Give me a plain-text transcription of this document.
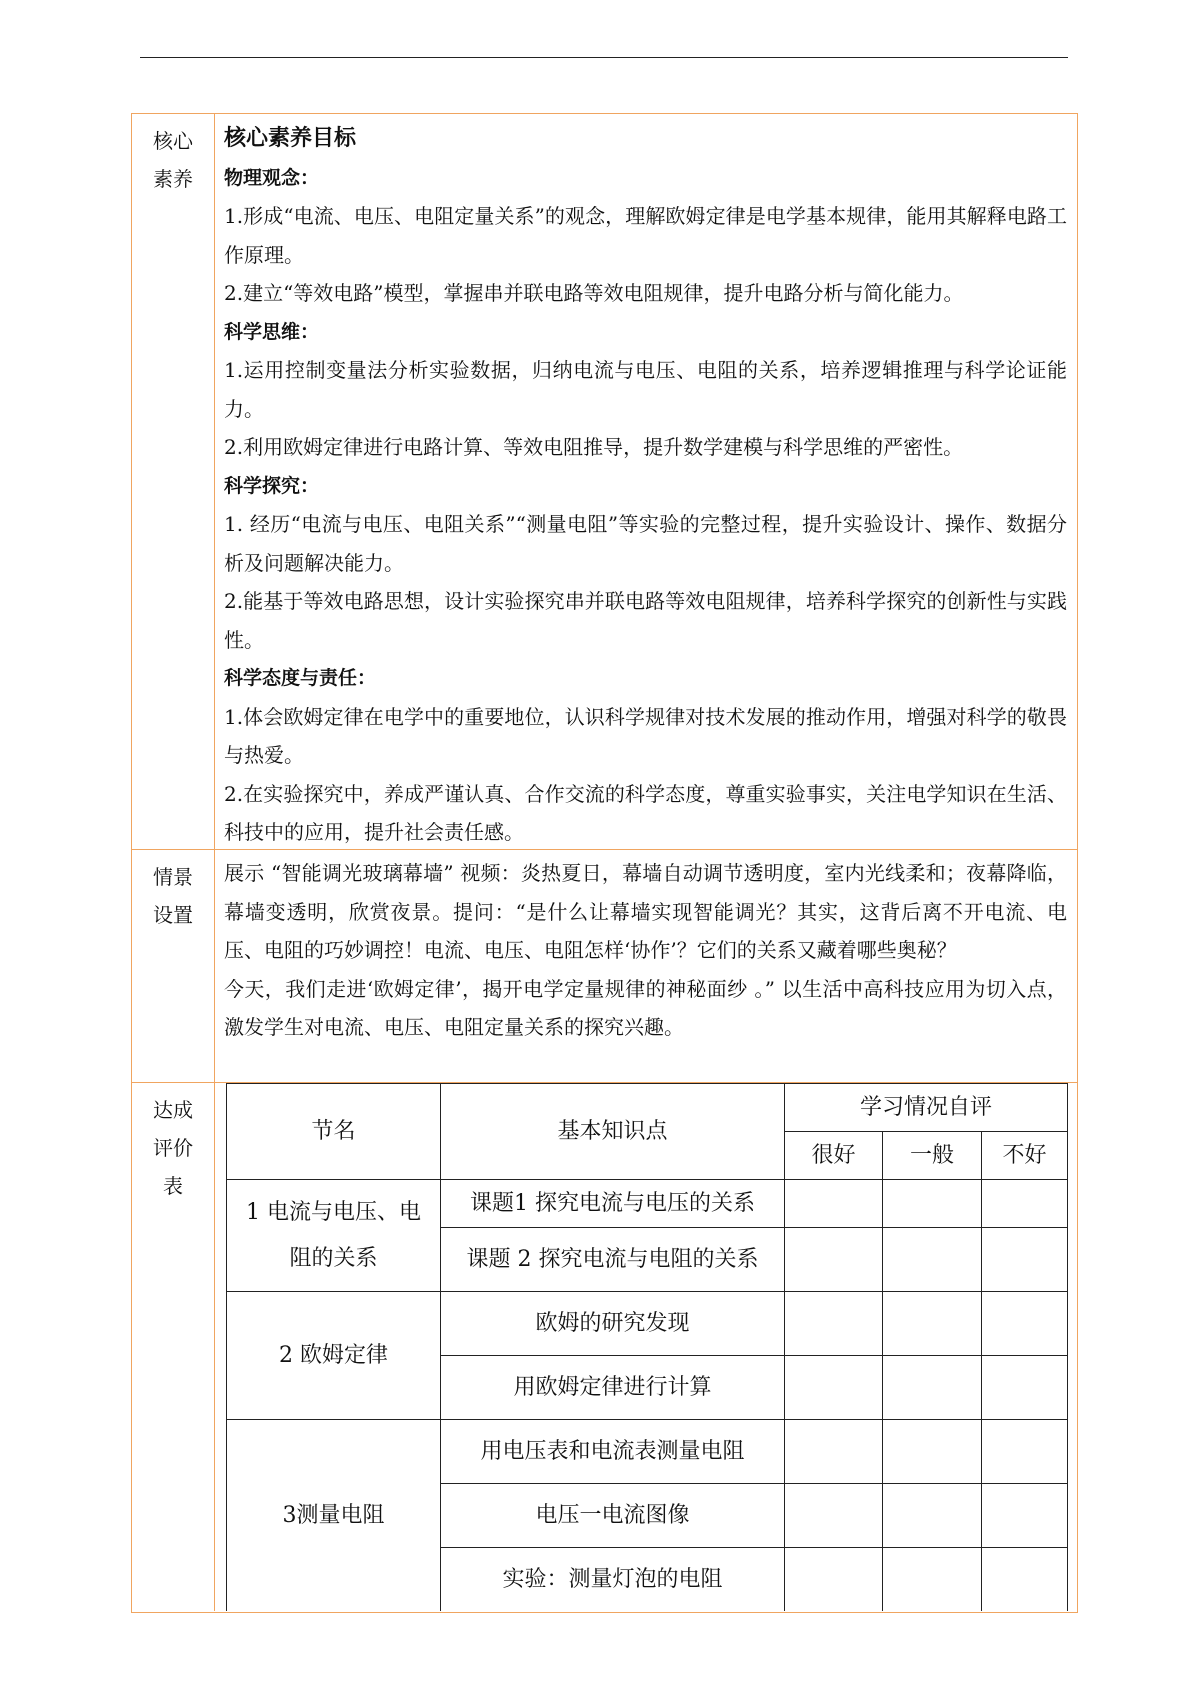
核心
素养

核心素养目标

物理观念：

1.形成“电流、电压、电阻定量关系”的观念，理解欧姆定律是电学基本规律，能用其解释电路工作原理。

2.建立“等效电路”模型，掌握串并联电路等效电阻规律，提升电路分析与简化能力。

科学思维：

1.运用控制变量法分析实验数据，归纳电流与电压、电阻的关系，培养逻辑推理与科学论证能力。

2.利用欧姆定律进行电路计算、等效电阻推导，提升数学建模与科学思维的严密性。

科学探究：

1. 经历“电流与电压、电阻关系”“测量电阻”等实验的完整过程，提升实验设计、操作、数据分析及问题解决能力。

2.能基于等效电路思想，设计实验探究串并联电路等效电阻规律，培养科学探究的创新性与实践性。

科学态度与责任：

1.体会欧姆定律在电学中的重要地位，认识科学规律对技术发展的推动作用，增强对科学的敬畏与热爱。

2.在实验探究中，养成严谨认真、合作交流的科学态度，尊重实验事实，关注电学知识在生活、科技中的应用，提升社会责任感。

情景
设置

展示 “智能调光玻璃幕墙” 视频：炎热夏日，幕墙自动调节透明度，室内光线柔和；夜幕降临，幕墙变透明，欣赏夜景。提问：“是什么让幕墙实现智能调光？其实，这背后离不开电流、电压、电阻的巧妙调控！电流、电压、电阻怎样‘协作’？它们的关系又藏着哪些奥秘？

今天，我们走进‘欧姆定律’，揭开电学定量规律的神秘面纱 。” 以生活中高科技应用为切入点，激发学生对电流、电压、电阻定量关系的探究兴趣。

达成
评价
表
节名	基本知识点	学习情况自评		
		很好	一般	不好
1 电流与电压、电阻的关系	课题1 探究电流与电压的关系			
	课题 2 探究电流与电阻的关系			
2 欧姆定律	欧姆的研究发现			
	用欧姆定律进行计算			
3测量电阻	用电压表和电流表测量电阻			
	电压一电流图像			
	实验：测量灯泡的电阻			
